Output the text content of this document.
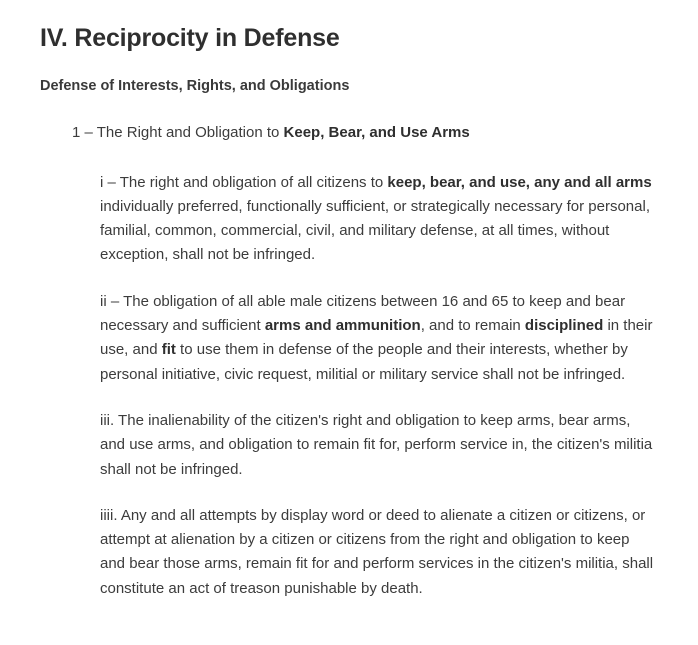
IV. Reciprocity in Defense
Defense of Interests, Rights, and Obligations

1 – The Right and Obligation to Keep, Bear, and Use Arms

i – The right and obligation of all citizens to keep, bear, and use, any and all arms individually preferred, functionally sufficient, or strategically necessary for personal, familial, common, commercial, civil, and military defense, at all times, without exception, shall not be infringed.

ii – The obligation of all able male citizens between 16 and 65 to keep and bear necessary and sufficient arms and ammunition, and to remain disciplined in their use, and fit to use them in defense of the people and their interests, whether by personal initiative, civic request, militial or military service shall not be infringed.

iii. The inalienability of the citizen's right and obligation to keep arms, bear arms, and use arms, and obligation to remain fit for, perform service in, the citizen's militia shall not be infringed.

iiii. Any and all attempts by display word or deed to alienate a citizen or citizens, or attempt at alienation by a citizen or citizens from the right and obligation to keep and bear those arms, remain fit for and perform services in the citizen's militia, shall constitute an act of treason punishable by death.
